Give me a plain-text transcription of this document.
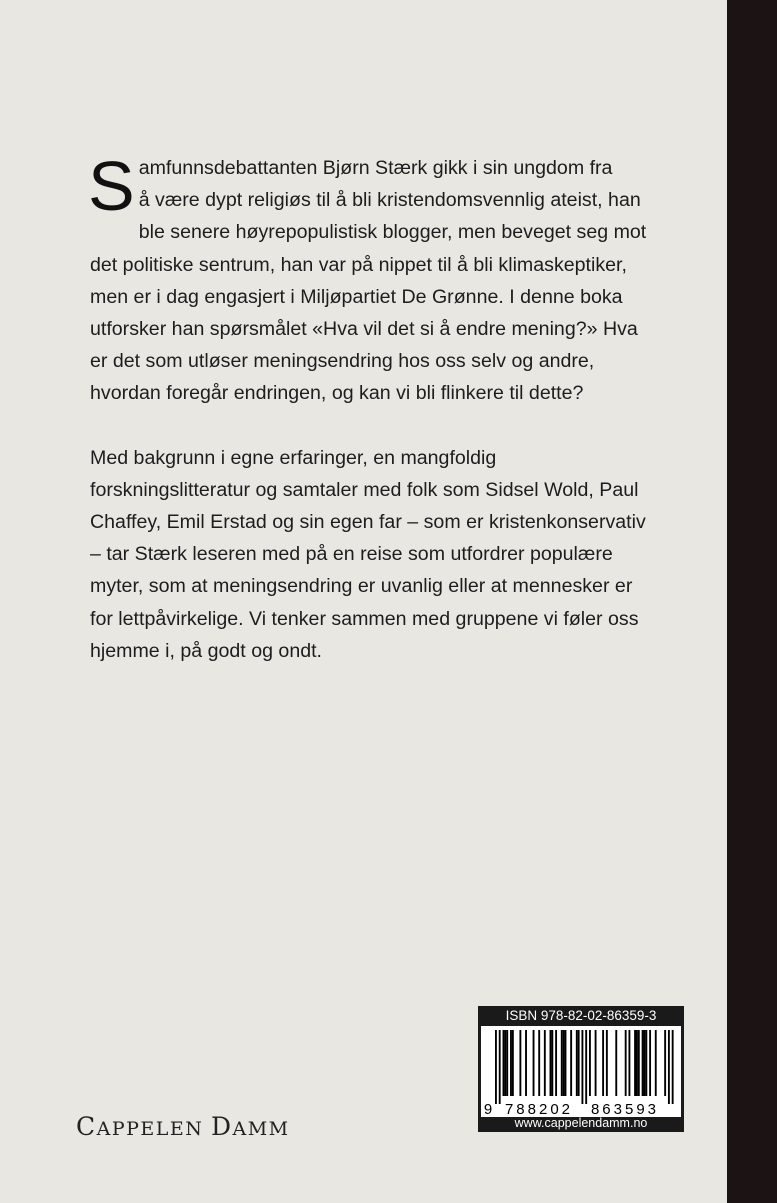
S amfunnsdebattanten Bjørn Stærk gikk i sin ungdom fra
å være dypt religiøs til å bli kristendomsvennlig ateist, han ble senere høyrepopulistisk blogger, men beveget seg mot det politiske sentrum, han var på nippet til å bli klimaskeptiker, men er i dag engasjert i Miljøpartiet De Grønne. I denne boka utforsker han spørsmålet «Hva vil det si å endre mening?» Hva er det som utløser meningsendring hos oss selv og andre, hvordan foregår endringen, og kan vi bli flinkere til dette?

Med bakgrunn i egne erfaringer, en mangfoldig forskningslitteratur og samtaler med folk som Sidsel Wold, Paul Chaffey, Emil Erstad og sin egen far – som er kristenkonservativ – tar Stærk leseren med på en reise som utfordrer populære myter, som at meningsendring er uvanlig eller at mennesker er for lettpåvirkelige. Vi tenker sammen med gruppene vi føler oss hjemme i, på godt og ondt.

CAPPELEN DAMM
ISBN 978-82-02-86359-3
9 788202 863593
www.cappelendamm.no
